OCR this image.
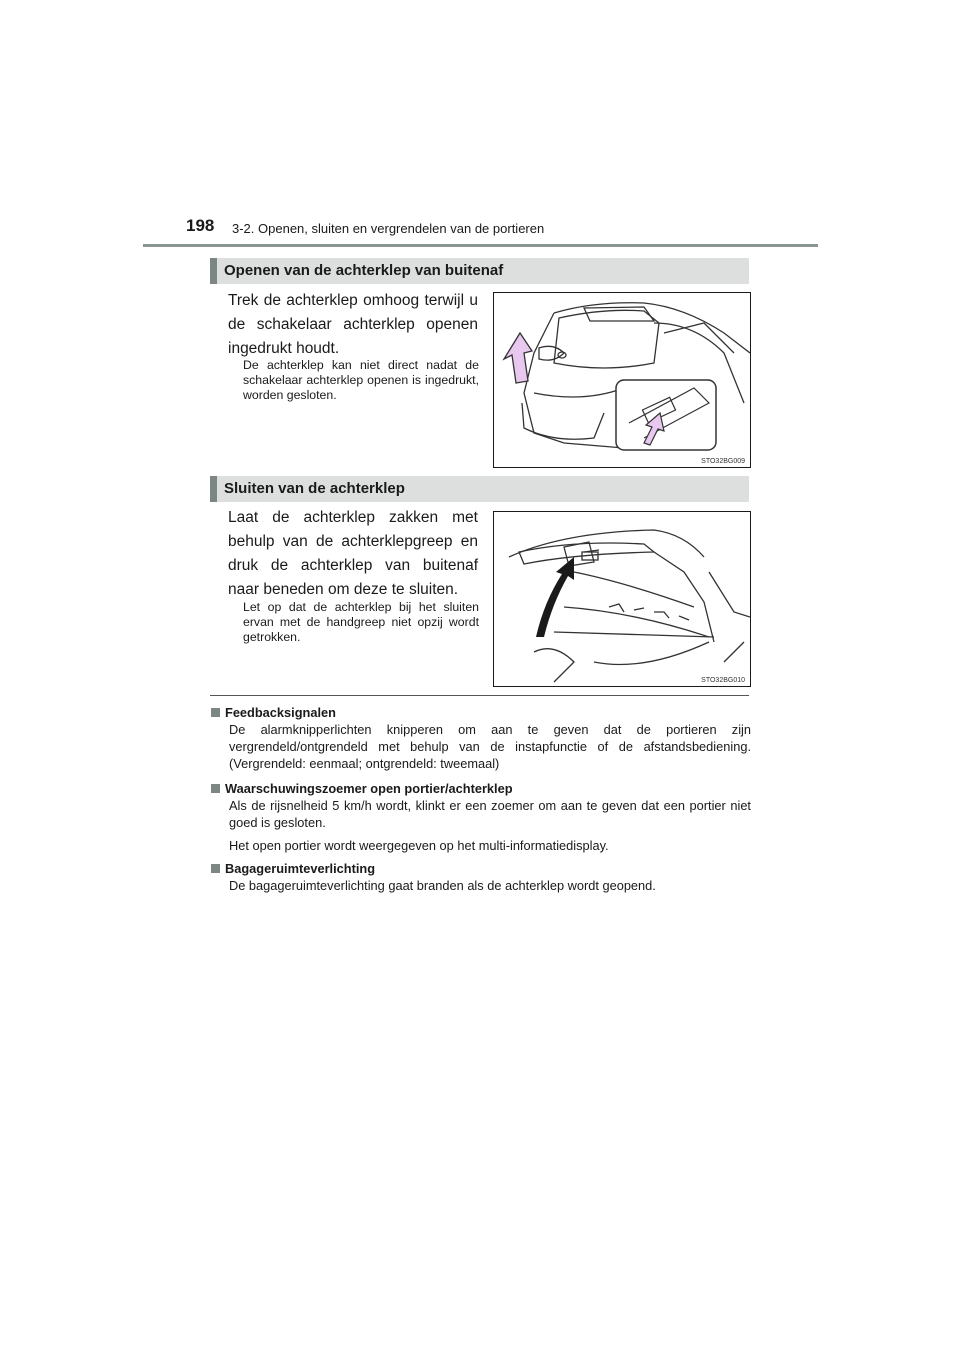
198 3-2. Openen, sluiten en vergrendelen van de portieren
Openen van de achterklep van buitenaf
Trek de achterklep omhoog terwijl u de schakelaar achterklep openen ingedrukt houdt.
De achterklep kan niet direct nadat de schakelaar achterklep openen is ingedrukt, worden gesloten.
STO32BG009
Sluiten van de achterklep
Laat de achterklep zakken met behulp van de achterklepgreep en druk de achterklep van buitenaf naar beneden om deze te sluiten.
Let op dat de achterklep bij het sluiten ervan met de handgreep niet opzij wordt getrokken.
STO32BG010
Feedbacksignalen
De alarmknipperlichten knipperen om aan te geven dat de portieren zijn vergrendeld/ontgrendeld met behulp van de instapfunctie of de afstandsbediening. (Vergrendeld: eenmaal; ontgrendeld: tweemaal)
Waarschuwingszoemer open portier/achterklep
Als de rijsnelheid 5 km/h wordt, klinkt er een zoemer om aan te geven dat een portier niet goed is gesloten.
Het open portier wordt weergegeven op het multi-informatiedisplay.
Bagageruimteverlichting
De bagageruimteverlichting gaat branden als de achterklep wordt geopend.
